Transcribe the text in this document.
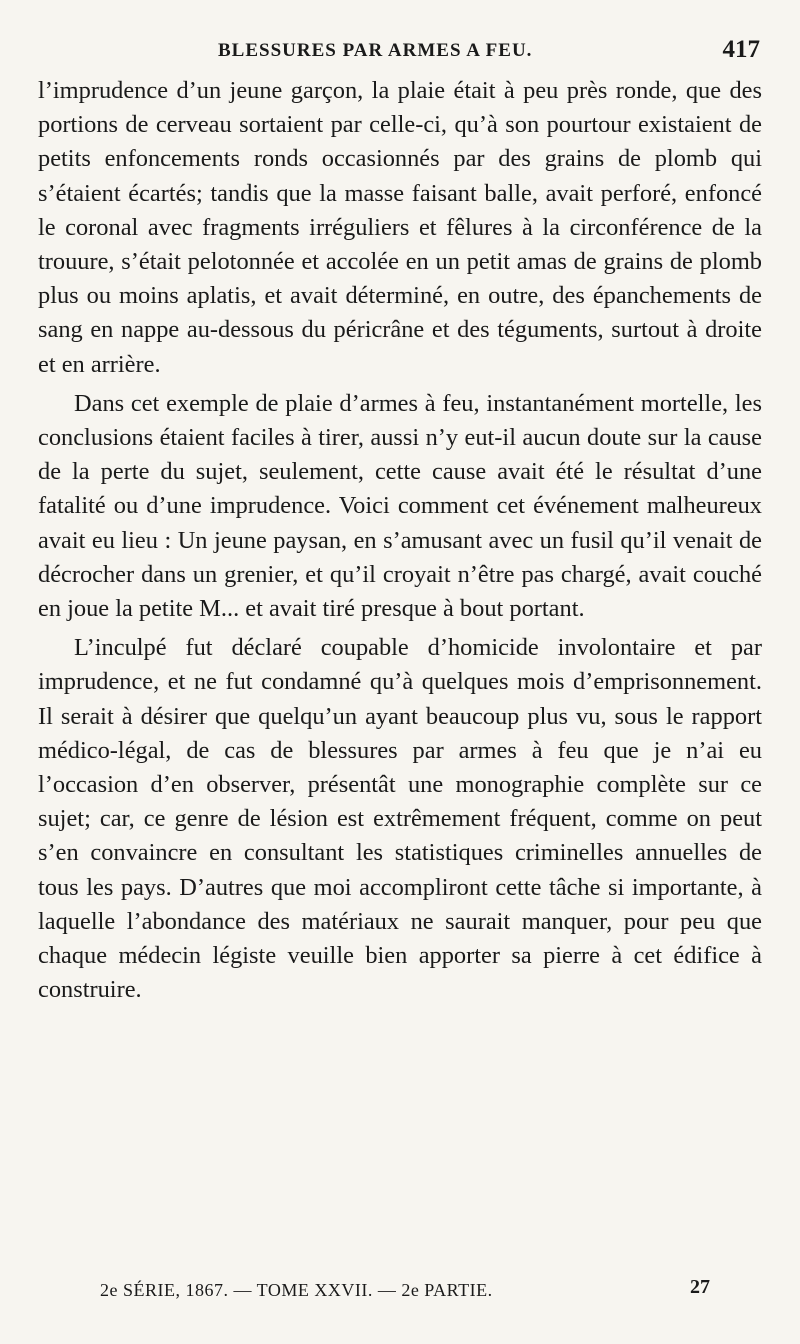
BLESSURES PAR ARMES A FEU.	417

l’imprudence d’un jeune garçon, la plaie était à peu près ronde, que des portions de cerveau sortaient par celle-ci, qu’à son pourtour existaient de petits enfoncements ronds occasionnés par des grains de plomb qui s’étaient écartés; tandis que la masse faisant balle, avait perforé, enfoncé le coronal avec fragments irréguliers et fêlures à la circonférence de la trouure, s’était pelotonnée et accolée en un petit amas de grains de plomb plus ou moins aplatis, et avait déterminé, en outre, des épanchements de sang en nappe au-dessous du péricrâne et des téguments, surtout à droite et en arrière.

Dans cet exemple de plaie d’armes à feu, instantanément mortelle, les conclusions étaient faciles à tirer, aussi n’y eut-il aucun doute sur la cause de la perte du sujet, seulement, cette cause avait été le résultat d’une fatalité ou d’une imprudence. Voici comment cet événement malheureux avait eu lieu : Un jeune paysan, en s’amusant avec un fusil qu’il venait de décrocher dans un grenier, et qu’il croyait n’être pas chargé, avait couché en joue la petite M... et avait tiré presque à bout portant.

L’inculpé fut déclaré coupable d’homicide involontaire et par imprudence, et ne fut condamné qu’à quelques mois d’emprisonnement. Il serait à désirer que quelqu’un ayant beaucoup plus vu, sous le rapport médico-légal, de cas de blessures par armes à feu que je n’ai eu l’occasion d’en observer, présentât une monographie complète sur ce sujet; car, ce genre de lésion est extrêmement fréquent, comme on peut s’en convaincre en consultant les statistiques criminelles annuelles de tous les pays. D’autres que moi accompliront cette tâche si importante, à laquelle l’abondance des matériaux ne saurait manquer, pour peu que chaque médecin légiste veuille bien apporter sa pierre à cet édifice à construire.

2e SÉRIE, 1867. — TOME XXVII. — 2e PARTIE.	27
